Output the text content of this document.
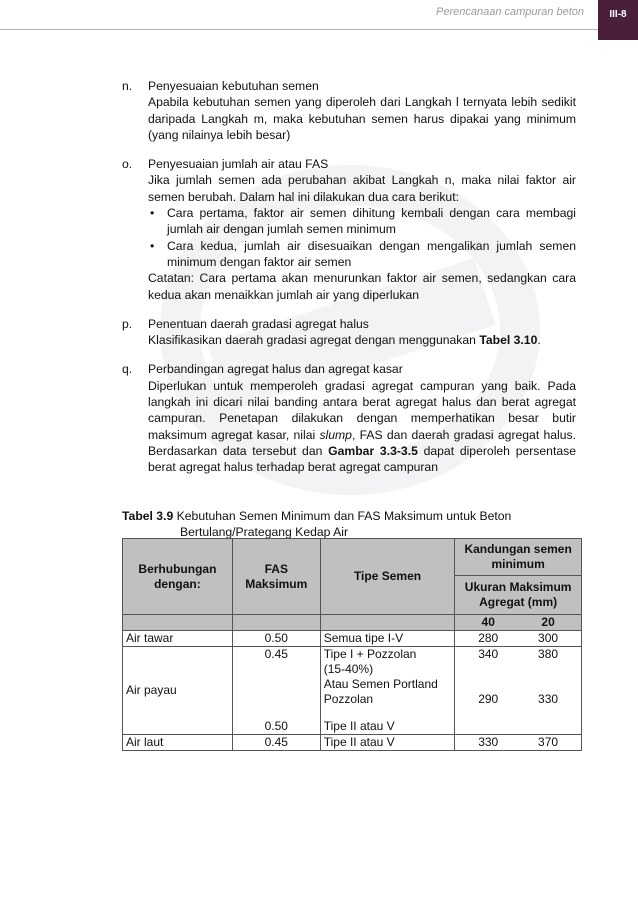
Perencanaan campuran beton	III-8
n. Penyesuaian kebutuhan semen

Apabila kebutuhan semen yang diperoleh dari Langkah l ternyata lebih sedikit daripada Langkah m, maka kebutuhan semen harus dipakai yang minimum (yang nilainya lebih besar)

o. Penyesuaian jumlah air atau FAS

Jika jumlah semen ada perubahan akibat Langkah n, maka nilai faktor air semen berubah. Dalam hal ini dilakukan dua cara berikut:

• Cara pertama, faktor air semen dihitung kembali dengan cara membagi jumlah air dengan jumlah semen minimum
• Cara kedua, jumlah air disesuaikan dengan mengalikan jumlah semen minimum dengan faktor air semen

Catatan: Cara pertama akan menurunkan faktor air semen, sedangkan cara kedua akan menaikkan jumlah air yang diperlukan

p. Penentuan daerah gradasi agregat halus

Klasifikasikan daerah gradasi agregat dengan menggunakan Tabel 3.10.

q. Perbandingan agregat halus dan agregat kasar

Diperlukan untuk memperoleh gradasi agregat campuran yang baik. Pada langkah ini dicari nilai banding antara berat agregat halus dan berat agregat campuran. Penetapan dilakukan dengan memperhatikan besar butir maksimum agregat kasar, nilai slump, FAS dan daerah gradasi agregat halus. Berdasarkan data tersebut dan Gambar 3.3-3.5 dapat diperoleh persentase berat agregat halus terhadap berat agregat campuran

Tabel 3.9 Kebutuhan Semen Minimum dan FAS Maksimum untuk Beton
Bertulang/Prategang Kedap Air
Berhubungan dengan:	FAS Maksimum	Tipe Semen	Kandungan semen minimum
			Ukuran Maksimum Agregat (mm)

			40 20

Air tawar	0.50	Semua tipe I-V	280 300

Air payau	0.45	Tipe I + Pozzolan	340 380

		(15-40%)	
		Atau Semen Portland	
		Pozzolan	290 330

	0.50	Tipe II atau V	
Air laut	0.45	Tipe II atau V	330 370
